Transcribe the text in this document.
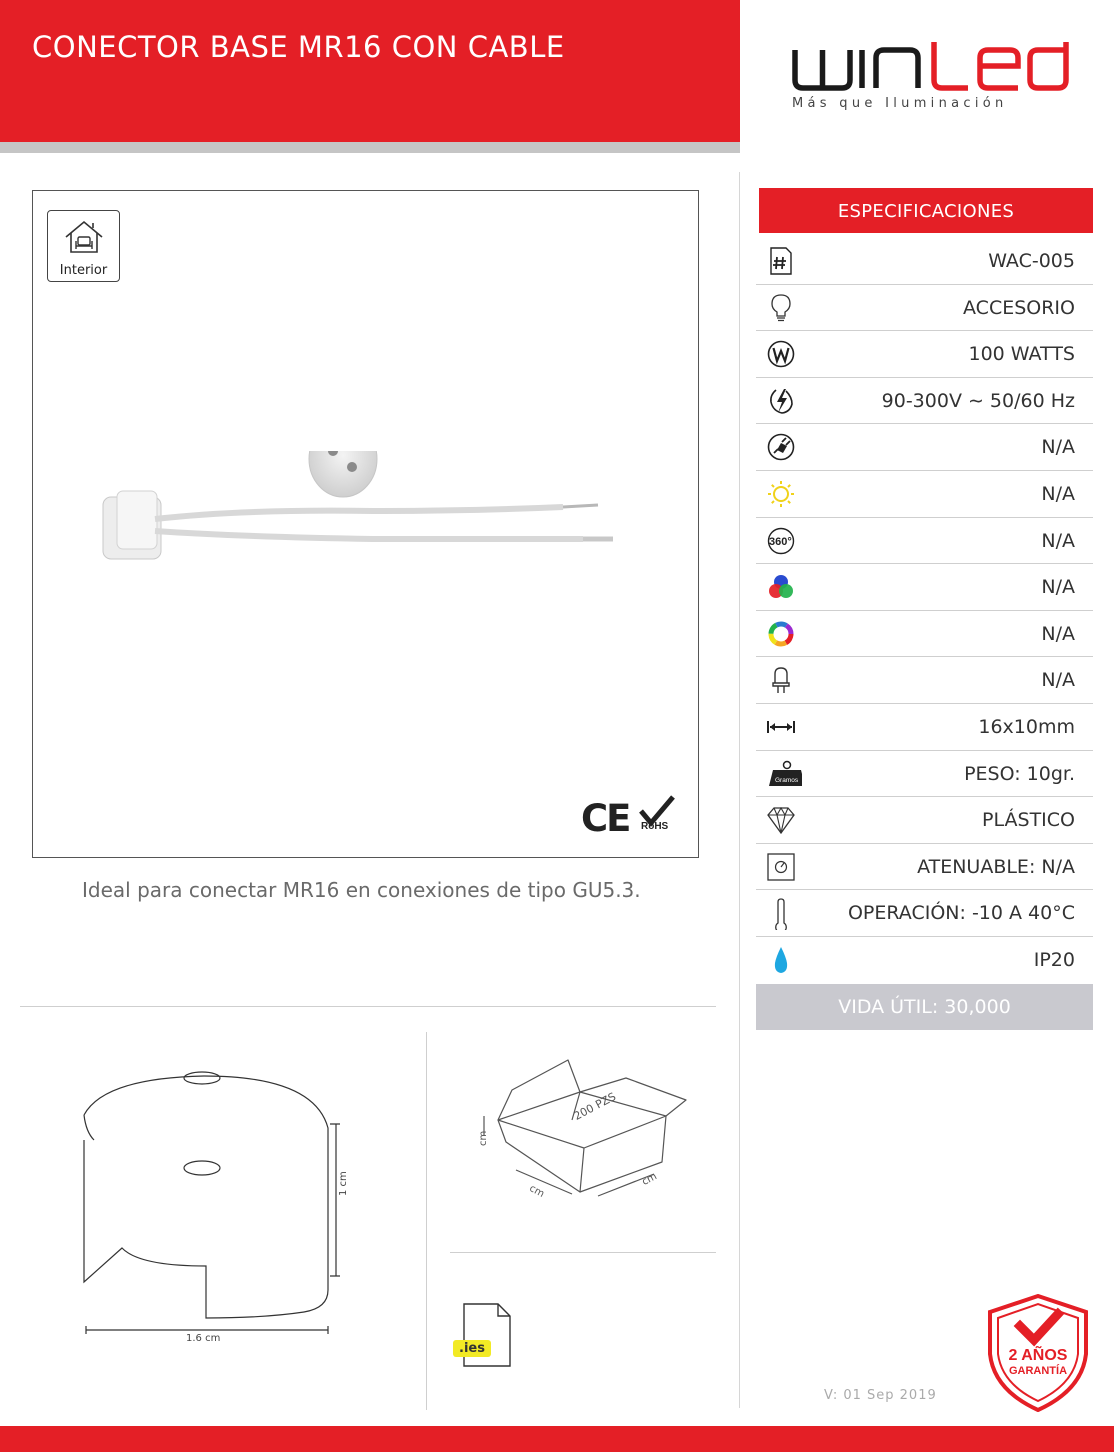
CONECTOR BASE MR16 CON CABLE
Más que Iluminación
Interior
CE RoHS
Ideal para conectar MR16 en conexiones de tipo GU5.3.
1.6 cm
1 cm
200 PZS
cm
cm
cm
.ies
ESPECIFICACIONES
WAC-005
ACCESORIO
100 WATTS
90-300V ∼ 50/60 Hz
N/A
N/A
360°	N/A
N/A
N/A
N/A
16x10mm
Gramos	PESO: 10gr.
PLÁSTICO
ATENUABLE: N/A
OPERACIÓN: -10 A 40°C
IP20
VIDA ÚTIL: 30,000
2 AÑOS
GARANTÍA
V: 01 Sep 2019
